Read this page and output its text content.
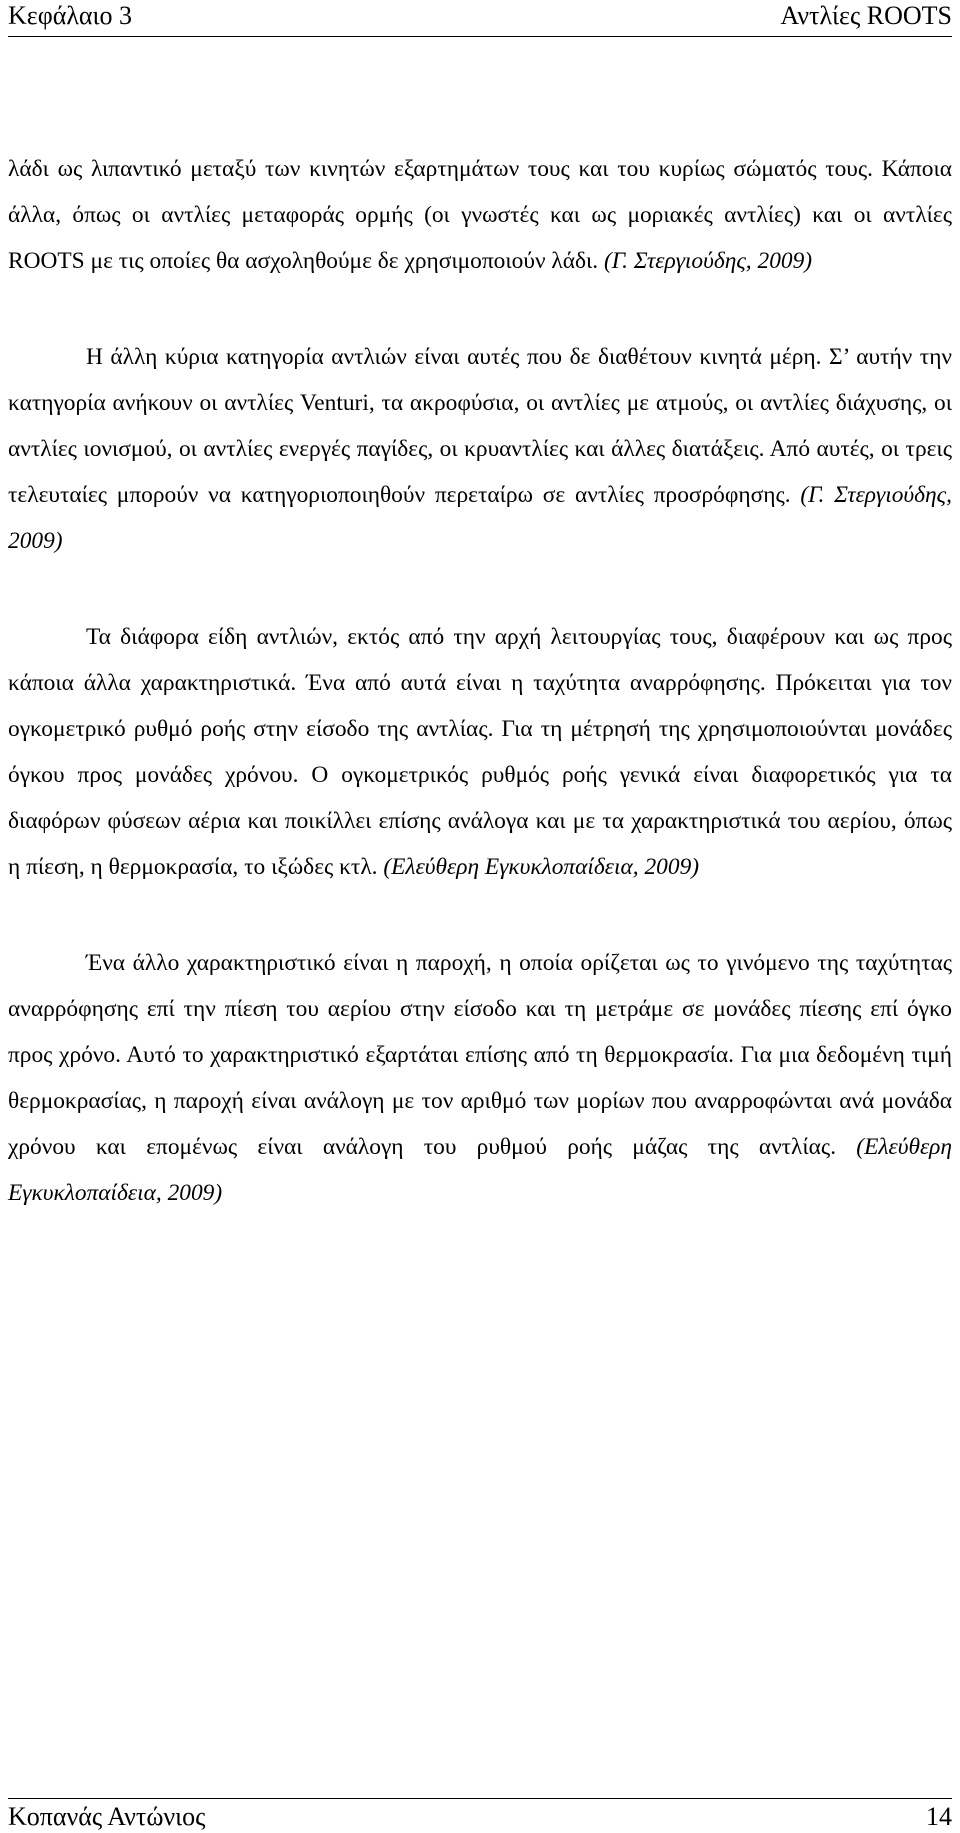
Κεφάλαιο 3	Αντλίες ROOTS

λάδι ως λιπαντικό μεταξύ των κινητών εξαρτημάτων τους και του κυρίως σώματός τους. Κάποια άλλα, όπως οι αντλίες μεταφοράς ορμής (οι γνωστές και ως μοριακές αντλίες) και οι αντλίες ROOTS με τις οποίες θα ασχοληθούμε δε χρησιμοποιούν λάδι. (Γ. Στεργιούδης, 2009)

Η άλλη κύρια κατηγορία αντλιών είναι αυτές που δε διαθέτουν κινητά μέρη. Σ’ αυτήν την κατηγορία ανήκουν οι αντλίες Venturi, τα ακροφύσια, οι αντλίες με ατμούς, οι αντλίες διάχυσης, οι αντλίες ιονισμού, οι αντλίες ενεργές παγίδες, οι κρυαντλίες και άλλες διατάξεις. Από αυτές, οι τρεις τελευταίες μπορούν να κατηγοριοποιηθούν περεταίρω σε αντλίες προσρόφησης. (Γ. Στεργιούδης, 2009)

Τα διάφορα είδη αντλιών, εκτός από την αρχή λειτουργίας τους, διαφέρουν και ως προς κάποια άλλα χαρακτηριστικά. Ένα από αυτά είναι η ταχύτητα αναρρόφησης. Πρόκειται για τον ογκομετρικό ρυθμό ροής στην είσοδο της αντλίας. Για τη μέτρησή της χρησιμοποιούνται μονάδες όγκου προς μονάδες χρόνου. Ο ογκομετρικός ρυθμός ροής γενικά είναι διαφορετικός για τα διαφόρων φύσεων αέρια και ποικίλλει επίσης ανάλογα και με τα χαρακτηριστικά του αερίου, όπως η πίεση, η θερμοκρασία, το ιξώδες κτλ. (Ελεύθερη Εγκυκλοπαίδεια, 2009)

Ένα άλλο χαρακτηριστικό είναι η παροχή, η οποία ορίζεται ως το γινόμενο της ταχύτητας αναρρόφησης επί την πίεση του αερίου στην είσοδο και τη μετράμε σε μονάδες πίεσης επί όγκο προς χρόνο. Αυτό το χαρακτηριστικό εξαρτάται επίσης από τη θερμοκρασία. Για μια δεδομένη τιμή θερμοκρασίας, η παροχή είναι ανάλογη με τον αριθμό των μορίων που αναρροφώνται ανά μονάδα χρόνου και επομένως είναι ανάλογη του ρυθμού ροής μάζας της αντλίας. (Ελεύθερη Εγκυκλοπαίδεια, 2009)

Κοπανάς Αντώνιος	14
